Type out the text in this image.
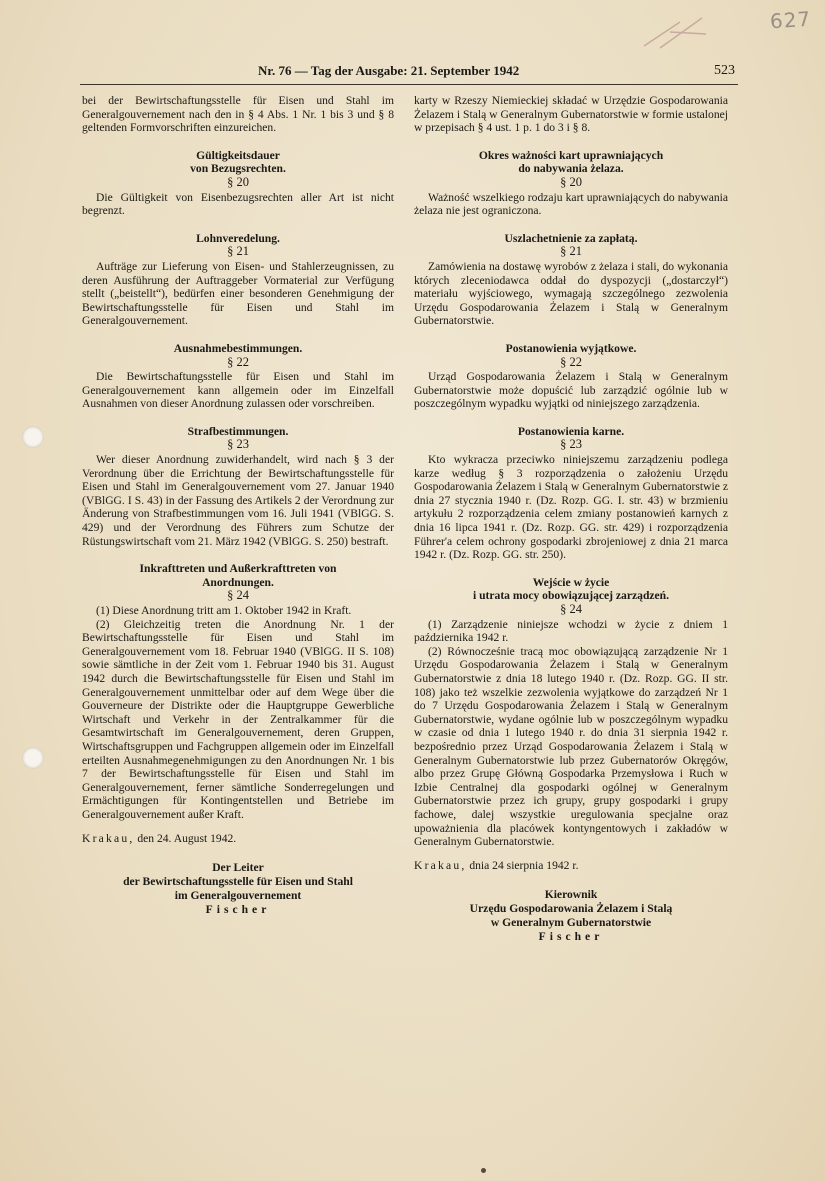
627
Nr. 76 — Tag der Ausgabe: 21. September 1942	523

bei der Bewirtschaftungsstelle für Eisen und Stahl im Generalgouvernement nach den in § 4 Abs. 1 Nr. 1 bis 3 und § 8 geltenden Formvorschriften einzureichen.

Gültigkeitsdauer
von Bezugsrechten.
§ 20

Die Gültigkeit von Eisenbezugsrechten aller Art ist nicht begrenzt.

Lohnveredelung.
§ 21

Aufträge zur Lieferung von Eisen- und Stahlerzeugnissen, zu deren Ausführung der Auftraggeber Vormaterial zur Verfügung stellt („beistellt“), bedürfen einer besonderen Genehmigung der Bewirtschaftungsstelle für Eisen und Stahl im Generalgouvernement.

Ausnahmebestimmungen.
§ 22

Die Bewirtschaftungsstelle für Eisen und Stahl im Generalgouvernement kann allgemein oder im Einzelfall Ausnahmen von dieser Anordnung zulassen oder vorschreiben.

Strafbestimmungen.
§ 23

Wer dieser Anordnung zuwiderhandelt, wird nach § 3 der Verordnung über die Errichtung der Bewirtschaftungsstelle für Eisen und Stahl im Generalgouvernement vom 27. Januar 1940 (VBlGG. I S. 43) in der Fassung des Artikels 2 der Verordnung zur Änderung von Strafbestimmungen vom 16. Juli 1941 (VBlGG. S. 429) und der Verordnung des Führers zum Schutze der Rüstungswirtschaft vom 21. März 1942 (VBlGG. S. 250) bestraft.

Inkrafttreten und Außerkrafttreten von
Anordnungen.
§ 24

(1) Diese Anordnung tritt am 1. Oktober 1942 in Kraft.

(2) Gleichzeitig treten die Anordnung Nr. 1 der Bewirtschaftungsstelle für Eisen und Stahl im Generalgouvernement vom 18. Februar 1940 (VBlGG. II S. 108) sowie sämtliche in der Zeit vom 1. Februar 1940 bis 31. August 1942 durch die Bewirtschaftungsstelle für Eisen und Stahl im Generalgouvernement unmittelbar oder auf dem Wege über die Gouverneure der Distrikte oder die Hauptgruppe Gewerbliche Wirtschaft und Verkehr in der Zentralkammer für die Gesamtwirtschaft im Generalgouvernement, deren Gruppen, Wirtschaftsgruppen und Fachgruppen allgemein oder im Einzelfall erteilten Ausnahmegenehmigungen zu den Anordnungen Nr. 1 bis 7 der Bewirtschaftungsstelle für Eisen und Stahl im Generalgouvernement, ferner sämtliche Sonderregelungen und Ermächtigungen für Kontingentstellen und Betriebe im Generalgouvernement außer Kraft.

Krakau, den 24. August 1942.

Der Leiter
der Bewirtschaftungsstelle für Eisen und Stahl
im Generalgouvernement
Fischer

karty w Rzeszy Niemieckiej składać w Urzędzie Gospodarowania Żelazem i Stalą w Generalnym Gubernatorstwie w formie ustalonej w przepisach § 4 ust. 1 p. 1 do 3 i § 8.

Okres ważności kart uprawniających
do nabywania żelaza.
§ 20

Ważność wszelkiego rodzaju kart uprawniających do nabywania żelaza nie jest ograniczona.

Uszlachetnienie za zapłatą.
§ 21

Zamówienia na dostawę wyrobów z żelaza i stali, do wykonania których zleceniodawca oddał do dyspozycji („dostarczył“) materiału wyjściowego, wymagają szczególnego zezwolenia Urzędu Gospodarowania Żelazem i Stalą w Generalnym Gubernatorstwie.

Postanowienia wyjątkowe.
§ 22

Urząd Gospodarowania Żelazem i Stalą w Generalnym Gubernatorstwie może dopuścić lub zarządzić ogólnie lub w poszczególnym wypadku wyjątki od niniejszego zarządzenia.

Postanowienia karne.
§ 23

Kto wykracza przeciwko niniejszemu zarządzeniu podlega karze według § 3 rozporządzenia o założeniu Urzędu Gospodarowania Żelazem i Stalą w Generalnym Gubernatorstwie z dnia 27 stycznia 1940 r. (Dz. Rozp. GG. I. str. 43) w brzmieniu artykułu 2 rozporządzenia celem zmiany postanowień karnych z dnia 16 lipca 1941 r. (Dz. Rozp. GG. str. 429) i rozporządzenia Führer'a celem ochrony gospodarki zbrojeniowej z dnia 21 marca 1942 r. (Dz. Rozp. GG. str. 250).

Wejście w życie
i utrata mocy obowiązującej zarządzeń.
§ 24

(1) Zarządzenie niniejsze wchodzi w życie z dniem 1 października 1942 r.

(2) Równocześnie tracą moc obowiązującą zarządzenie Nr 1 Urzędu Gospodarowania Żelazem i Stalą w Generalnym Gubernatorstwie z dnia 18 lutego 1940 r. (Dz. Rozp. GG. II str. 108) jako też wszelkie zezwolenia wyjątkowe do zarządzeń Nr 1 do 7 Urzędu Gospodarowania Żelazem i Stalą w Generalnym Gubernatorstwie, wydane ogólnie lub w poszczególnym wypadku w czasie od dnia 1 lutego 1940 r. do dnia 31 sierpnia 1942 r. bezpośrednio przez Urząd Gospodarowania Żelazem i Stalą w Generalnym Gubernatorstwie lub przez Gubernatorów Okręgów, albo przez Grupę Główną Gospodarka Przemysłowa i Ruch w Izbie Centralnej dla gospodarki ogólnej w Generalnym Gubernatorstwie przez ich grupy, grupy gospodarki i grupy fachowe, dalej wszystkie uregulowania specjalne oraz upoważnienia dla placówek kontyngentowych i zakładów w Generalnym Gubernatorstwie.

Krakau, dnia 24 sierpnia 1942 r.

Kierownik
Urzędu Gospodarowania Żelazem i Stalą
w Generalnym Gubernatorstwie
Fischer
